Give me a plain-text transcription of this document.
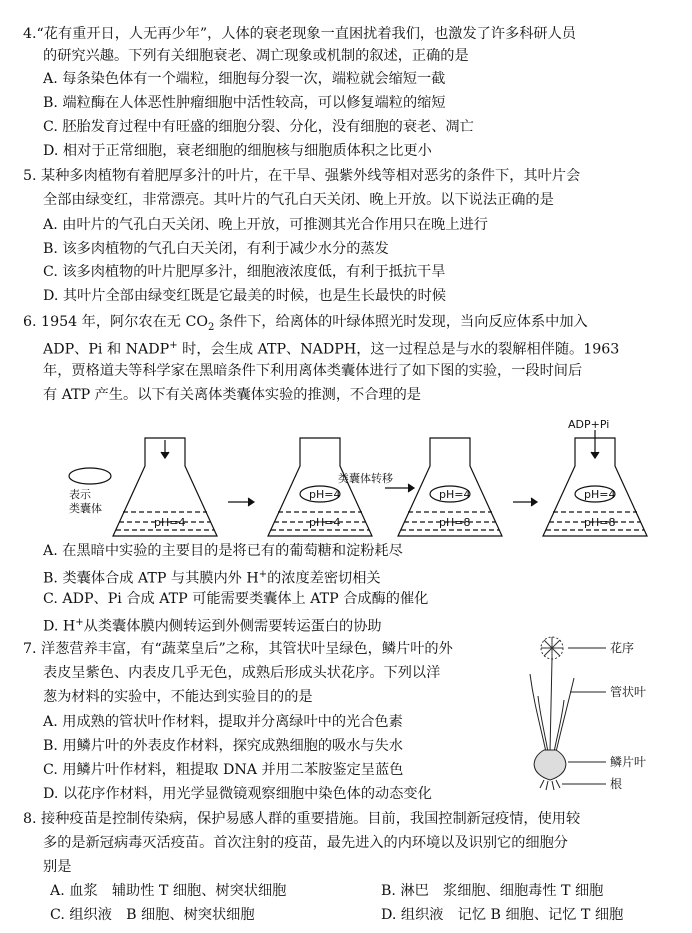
4.“花有重开日，人无再少年”，人体的衰老现象一直困扰着我们，也激发了许多科研人员
的研究兴趣。下列有关细胞衰老、凋亡现象或机制的叙述，正确的是
A. 每条染色体有一个端粒，细胞每分裂一次，端粒就会缩短一截
B. 端粒酶在人体恶性肿瘤细胞中活性较高，可以修复端粒的缩短
C. 胚胎发育过程中有旺盛的细胞分裂、分化，没有细胞的衰老、凋亡
D. 相对于正常细胞，衰老细胞的细胞核与细胞质体积之比更小
5. 某种多肉植物有着肥厚多汁的叶片，在干旱、强紫外线等相对恶劣的条件下，其叶片会
全部由绿变红，非常漂亮。其叶片的气孔白天关闭、晚上开放。以下说法正确的是
A. 由叶片的气孔白天关闭、晚上开放，可推测其光合作用只在晚上进行
B. 该多肉植物的气孔白天关闭，有利于减少水分的蒸发
C. 该多肉植物的叶片肥厚多汁，细胞液浓度低，有利于抵抗干旱
D. 其叶片全部由绿变红既是它最美的时候，也是生长最快的时候
6. 1954 年，阿尔农在无 $CO_2$ 条件下，给离体的叶绿体照光时发现，当向反应体系中加入
ADP、Pi 和 NADP+ 时，会生成 ATP、NADPH，这一过程总是与水的裂解相伴随。1963
年，贾格道夫等科学家在黑暗条件下利用离体类囊体进行了如下图的实验，一段时间后
有 ATP 产生。以下有关离体类囊体实验的推测，不合理的是
表示
类囊体
pH=4
pH=4
pH=4
类囊体转移
pH=4
pH=8
ADP+Pi
pH=4
pH=8
A. 在黑暗中实验的主要目的是将已有的葡萄糖和淀粉耗尽
B. 类囊体合成 ATP 与其膜内外 H+的浓度差密切相关
C. ADP、Pi 合成 ATP 可能需要类囊体上 ATP 合成酶的催化
D. H+从类囊体膜内侧转运到外侧需要转运蛋白的协助
7. 洋葱营养丰富，有“蔬菜皇后”之称，其管状叶呈绿色，鳞片叶的外
表皮呈紫色、内表皮几乎无色，成熟后形成头状花序。下列以洋
葱为材料的实验中，不能达到实验目的的是
A. 用成熟的管状叶作材料，提取并分离绿叶中的光合色素
B. 用鳞片叶的外表皮作材料，探究成熟细胞的吸水与失水
C. 用鳞片叶作材料，粗提取 DNA 并用二苯胺鉴定呈蓝色
D. 以花序作材料，用光学显微镜观察细胞中染色体的动态变化
花序
管状叶
鳞片叶
根
8. 接种疫苗是控制传染病，保护易感人群的重要措施。目前，我国控制新冠疫情，使用较
多的是新冠病毒灭活疫苗。首次注射的疫苗，最先进入的内环境以及识别它的细胞分
别是
A. 血浆　辅助性 T 细胞、树突状细胞	B. 淋巴　浆细胞、细胞毒性 T 细胞
C. 组织液　B 细胞、树突状细胞	D. 组织液　记忆 B 细胞、记忆 T 细胞
